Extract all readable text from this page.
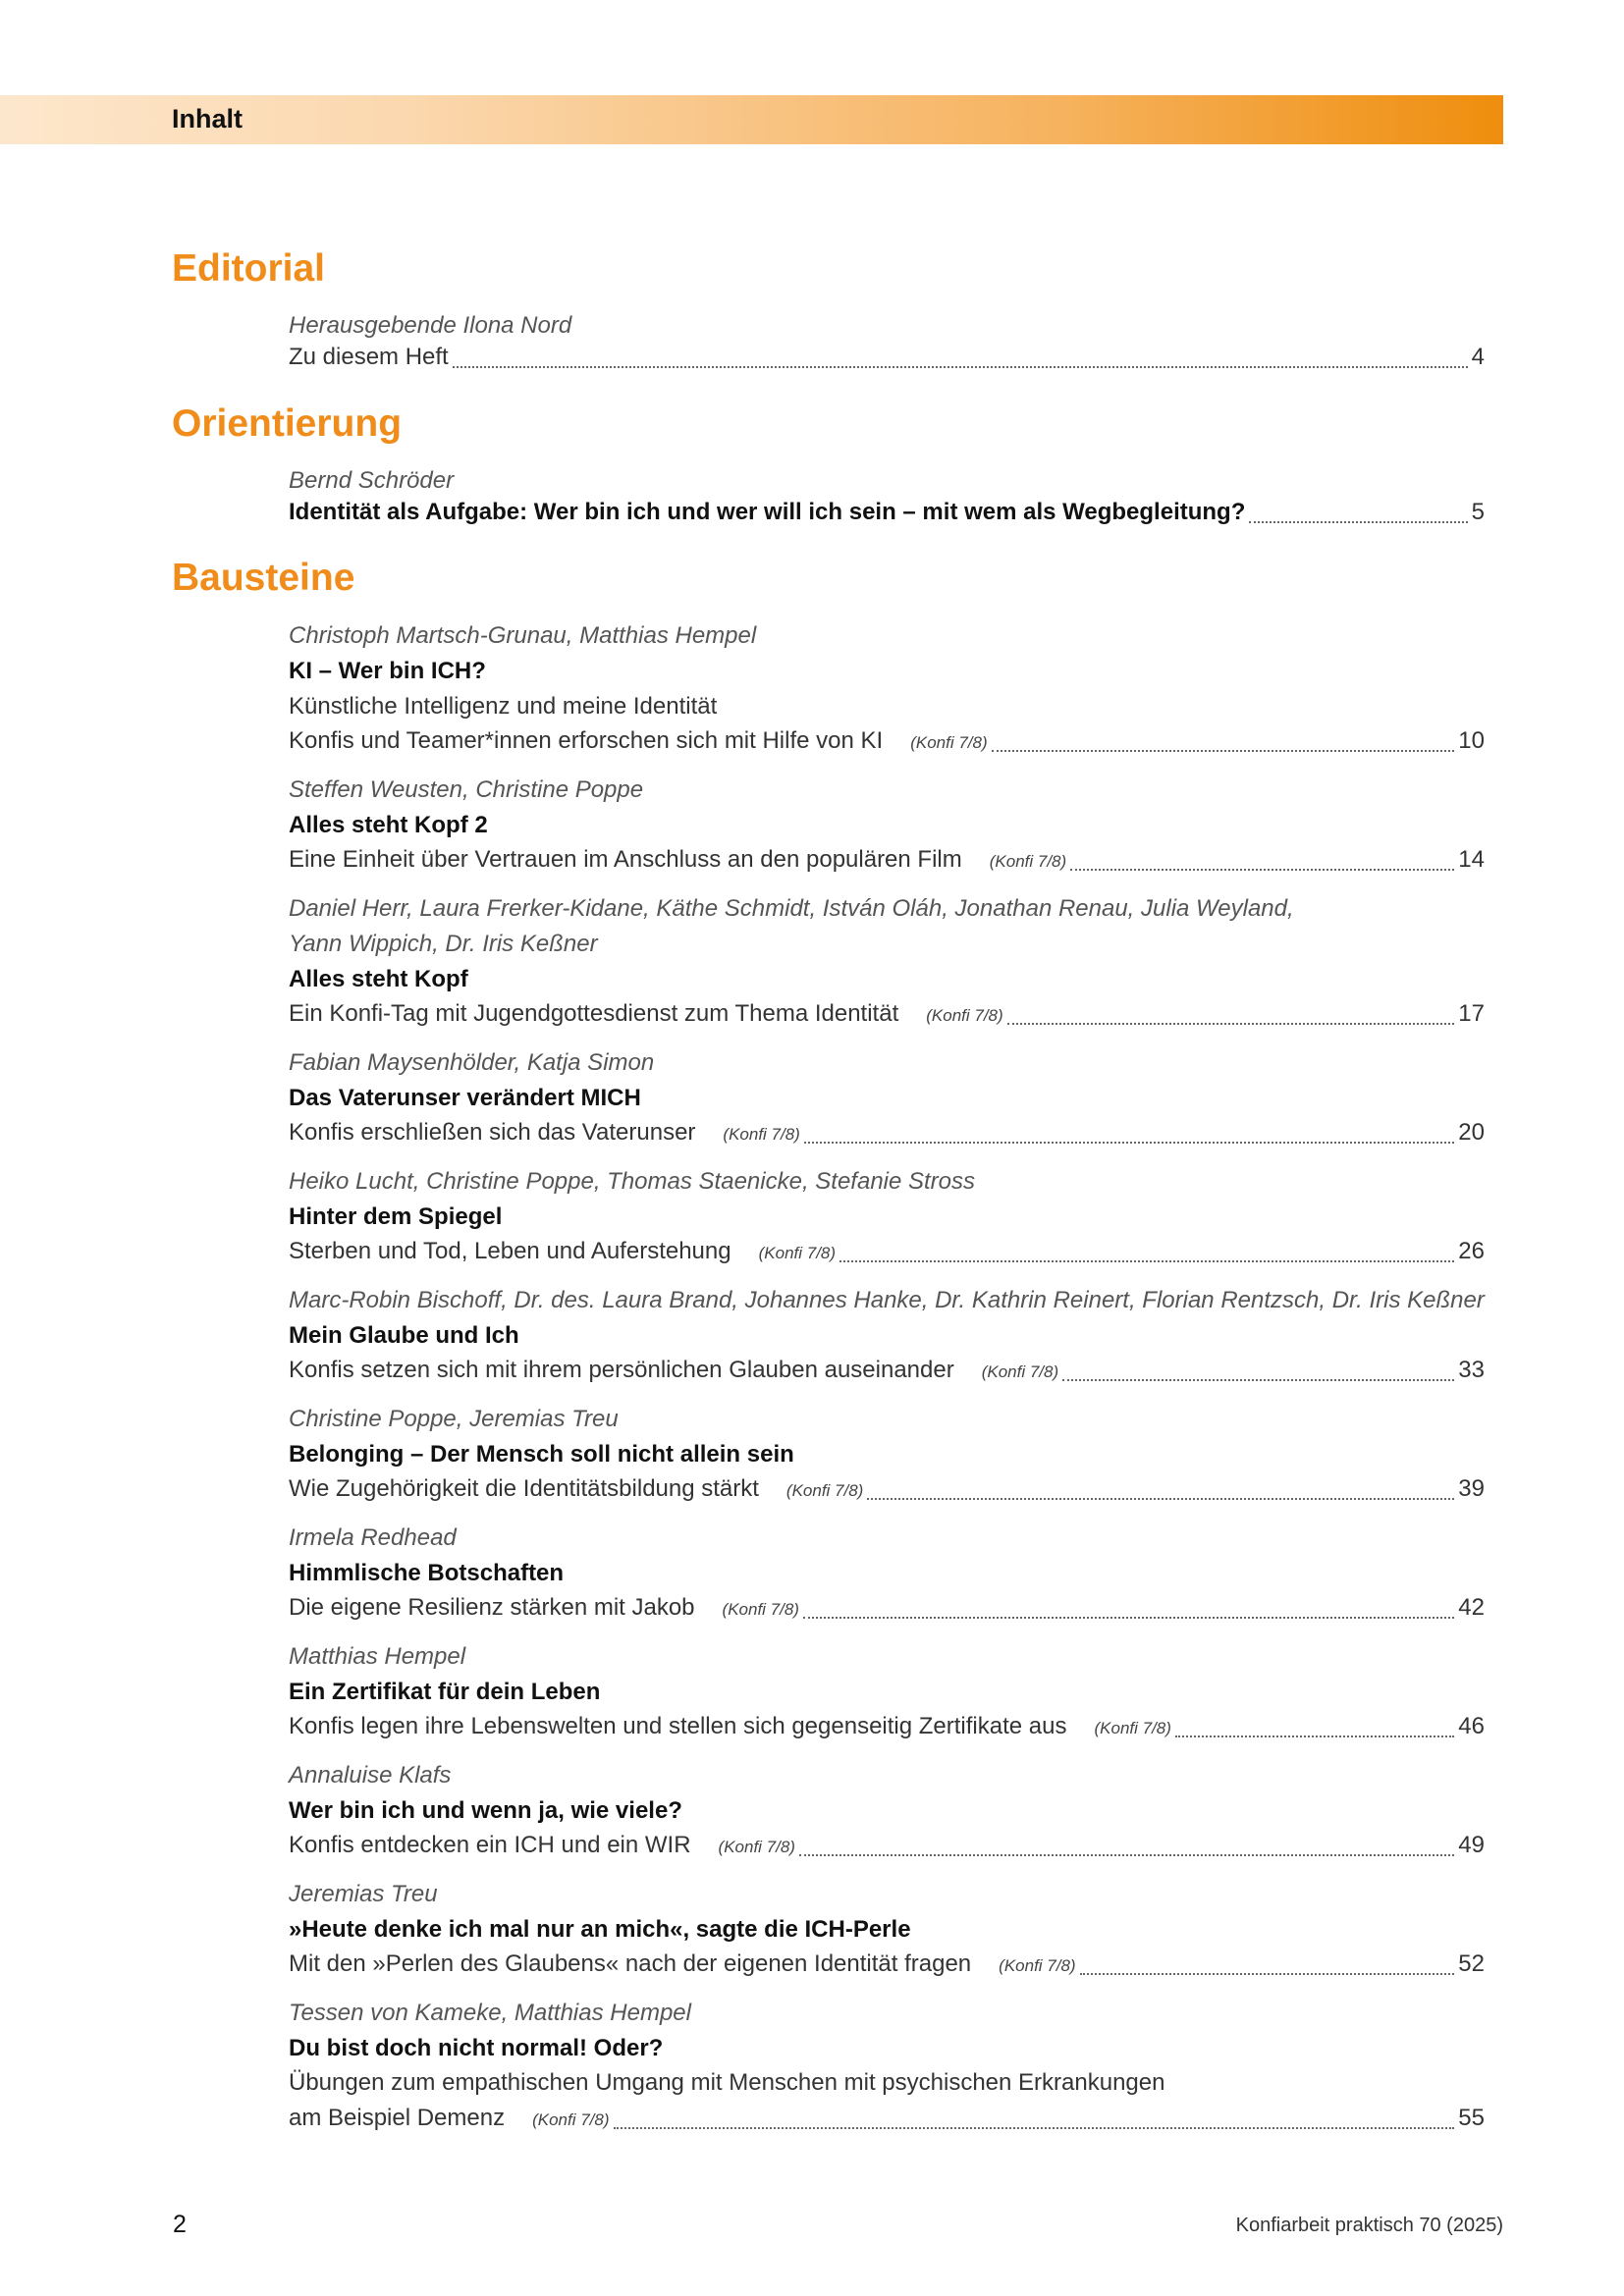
Inhalt
Editorial
Herausgebende Ilona Nord
Zu diesem Heft	4
Orientierung
Bernd Schröder
Identität als Aufgabe: Wer bin ich und wer will ich sein – mit wem als Wegbegleitung?	5
Bausteine
Christoph Martsch-Grunau, Matthias Hempel
KI – Wer bin ICH?
Künstliche Intelligenz und meine Identität
Konfis und Teamer*innen erforschen sich mit Hilfe von KI (Konfi 7/8)	10
Steffen Weusten, Christine Poppe
Alles steht Kopf 2
Eine Einheit über Vertrauen im Anschluss an den populären Film (Konfi 7/8)	14
Daniel Herr, Laura Frerker-Kidane, Käthe Schmidt, István Oláh, Jonathan Renau, Julia Weyland,
Yann Wippich, Dr. Iris Keßner
Alles steht Kopf
Ein Konfi-Tag mit Jugendgottesdienst zum Thema Identität (Konfi 7/8)	17
Fabian Maysenhölder, Katja Simon
Das Vaterunser verändert MICH
Konfis erschließen sich das Vaterunser (Konfi 7/8)	20
Heiko Lucht, Christine Poppe, Thomas Staenicke, Stefanie Stross
Hinter dem Spiegel
Sterben und Tod, Leben und Auferstehung (Konfi 7/8)	26
Marc-Robin Bischoff, Dr. des. Laura Brand, Johannes Hanke, Dr. Kathrin Reinert, Florian Rentzsch, Dr. Iris Keßner
Mein Glaube und Ich
Konfis setzen sich mit ihrem persönlichen Glauben auseinander (Konfi 7/8)	33
Christine Poppe, Jeremias Treu
Belonging – Der Mensch soll nicht allein sein
Wie Zugehörigkeit die Identitätsbildung stärkt (Konfi 7/8)	39
Irmela Redhead
Himmlische Botschaften
Die eigene Resilienz stärken mit Jakob (Konfi 7/8)	42
Matthias Hempel
Ein Zertifikat für dein Leben
Konfis legen ihre Lebenswelten und stellen sich gegenseitig Zertifikate aus (Konfi 7/8)	46
Annaluise Klafs
Wer bin ich und wenn ja, wie viele?
Konfis entdecken ein ICH und ein WIR (Konfi 7/8)	49
Jeremias Treu
»Heute denke ich mal nur an mich«, sagte die ICH-Perle
Mit den »Perlen des Glaubens« nach der eigenen Identität fragen (Konfi 7/8)	52
Tessen von Kameke, Matthias Hempel
Du bist doch nicht normal! Oder?
Übungen zum empathischen Umgang mit Menschen mit psychischen Erkrankungen
am Beispiel Demenz (Konfi 7/8)	55
2	Konfiarbeit praktisch 70 (2025)
